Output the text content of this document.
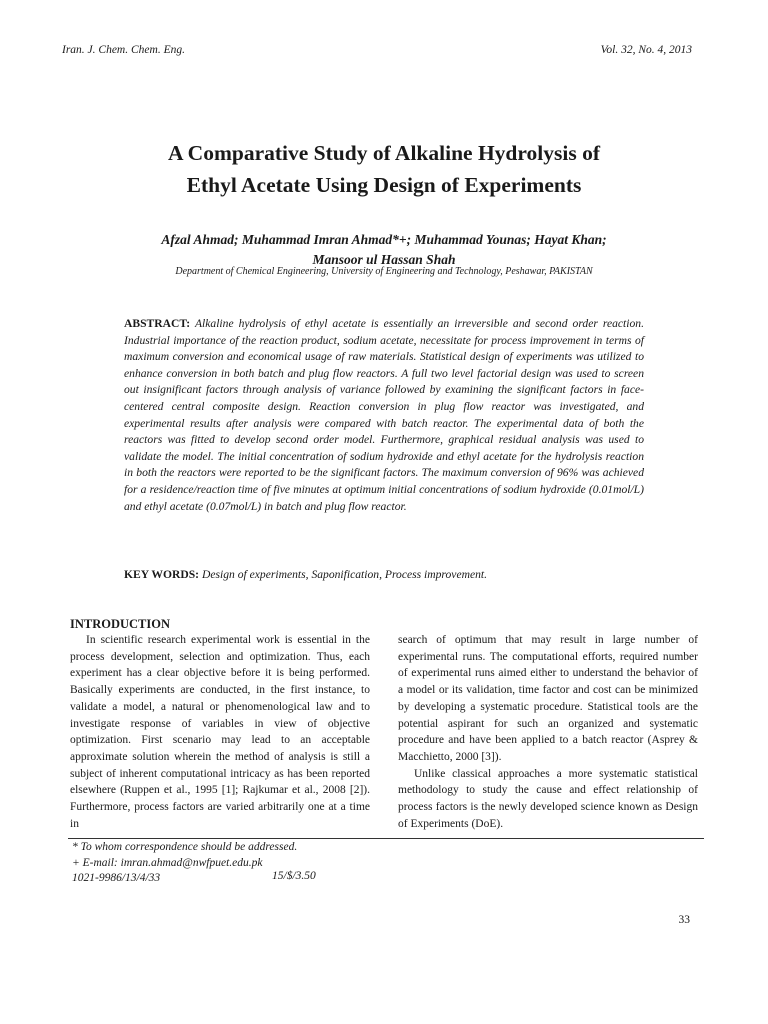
Iran. J. Chem. Chem. Eng.	Vol. 32, No. 4, 2013
A Comparative Study of Alkaline Hydrolysis of
Ethyl Acetate Using Design of Experiments
Afzal Ahmad; Muhammad Imran Ahmad*+; Muhammad Younas; Hayat Khan;
Mansoor ul Hassan Shah
Department of Chemical Engineering, University of Engineering and Technology, Peshawar, PAKISTAN
ABSTRACT: Alkaline hydrolysis of ethyl acetate is essentially an irreversible and second order reaction. Industrial importance of the reaction product, sodium acetate, necessitate for process improvement in terms of maximum conversion and economical usage of raw materials. Statistical design of experiments was utilized to enhance conversion in both batch and plug flow reactors. A full two level factorial design was used to screen out insignificant factors through analysis of variance followed by examining the significant factors in face-centered central composite design. Reaction conversion in plug flow reactor was investigated, and experimental results after analysis were compared with batch reactor. The experimental data of both the reactors was fitted to develop second order model. Furthermore, graphical residual analysis was used to validate the model. The initial concentration of sodium hydroxide and ethyl acetate for the hydrolysis reaction in both the reactors were reported to be the significant factors. The maximum conversion of 96% was achieved for a residence/reaction time of five minutes at optimum initial concentrations of sodium hydroxide (0.01mol/L) and ethyl acetate (0.07mol/L) in batch and plug flow reactor.
KEY WORDS: Design of experiments, Saponification, Process improvement.
INTRODUCTION

In scientific research experimental work is essential in the process development, selection and optimization. Thus, each experiment has a clear objective before it is being performed. Basically experiments are conducted, in the first instance, to validate a model, a natural or phenomenological law and to investigate response of variables in view of objective optimization. First scenario may lead to an acceptable approximate solution wherein the method of analysis is still a subject of inherent computational intricacy as has been reported elsewhere (Ruppen et al., 1995 [1]; Rajkumar et al., 2008 [2]). Furthermore, process factors are varied arbitrarily one at a time in

search of optimum that may result in large number of experimental runs. The computational efforts, required number of experimental runs aimed either to understand the behavior of a model or its validation, time factor and cost can be minimized by developing a systematic procedure. Statistical tools are the potential aspirant for such an organized and systematic procedure and have been applied to a batch reactor (Asprey & Macchietto, 2000 [3]).

Unlike classical approaches a more systematic statistical methodology to study the cause and effect relationship of process factors is the newly developed science known as Design of Experiments (DoE).

* To whom correspondence should be addressed.
+ E-mail: imran.ahmad@nwfpuet.edu.pk
1021-9986/13/4/33	15/$/3.50
33
